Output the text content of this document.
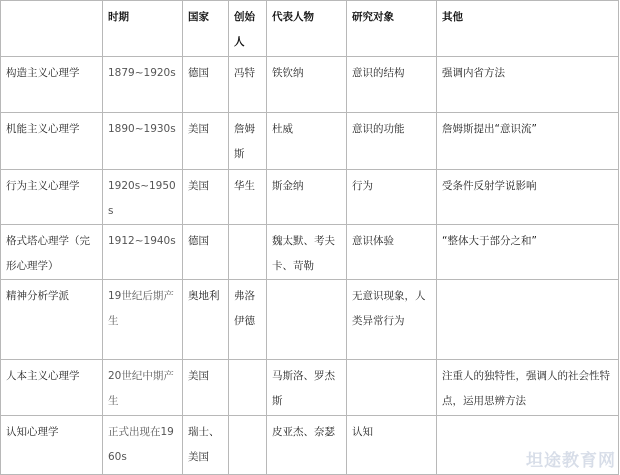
	时期	国家	创始人	代表人物	研究对象	其他
构造主义心理学	1879~1920s	德国	冯特	铁钦纳	意识的结构	强调内省方法
机能主义心理学	1890~1930s	美国	詹姆斯	杜威	意识的功能	詹姆斯提出“意识流”
行为主义心理学	1920s~1950s	美国	华生	斯金纳	行为	受条件反射学说影响
格式塔心理学（完形心理学）	1912~1940s	德国		魏太默、考夫卡、苛勒	意识体验	“整体大于部分之和”
精神分析学派	19世纪后期产生	奥地利	弗洛伊德		无意识现象，人类异常行为	
人本主义心理学	20世纪中期产生	美国		马斯洛、罗杰斯		注重人的独特性，强调人的社会性特点，运用思辨方法
认知心理学	正式出现在1960s	瑞士、美国		皮亚杰、奈瑟	认知	
坦途教育网
